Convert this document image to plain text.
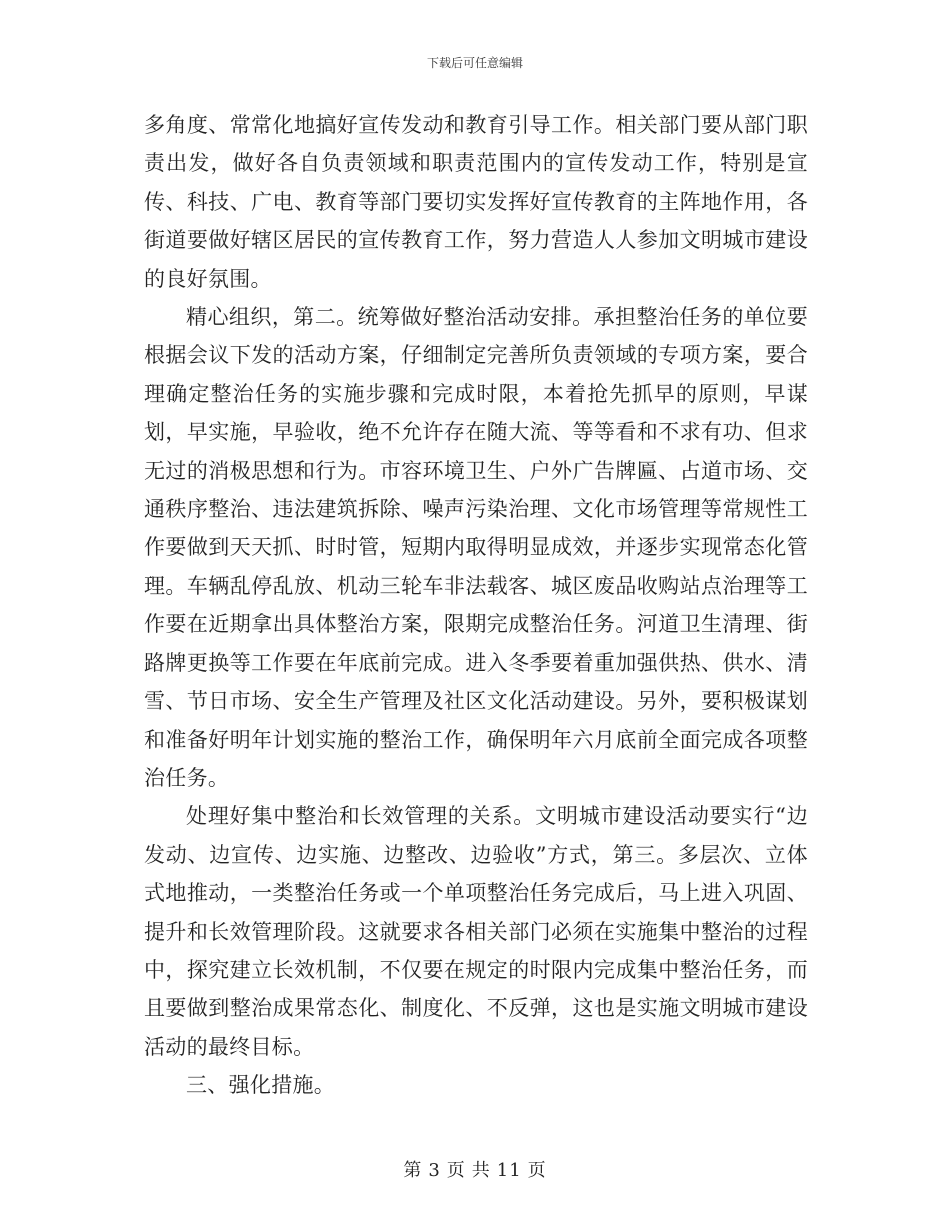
下载后可任意编辑

多角度、常常化地搞好宣传发动和教育引导工作。相关部门要从部门职责出发，做好各自负责领域和职责范围内的宣传发动工作，特别是宣传、科技、广电、教育等部门要切实发挥好宣传教育的主阵地作用，各街道要做好辖区居民的宣传教育工作，努力营造人人参加文明城市建设的良好氛围。

精心组织，第二。统筹做好整治活动安排。承担整治任务的单位要根据会议下发的活动方案，仔细制定完善所负责领域的专项方案，要合理确定整治任务的实施步骤和完成时限，本着抢先抓早的原则，早谋划，早实施，早验收，绝不允许存在随大流、等等看和不求有功、但求无过的消极思想和行为。市容环境卫生、户外广告牌匾、占道市场、交通秩序整治、违法建筑拆除、噪声污染治理、文化市场管理等常规性工作要做到天天抓、时时管，短期内取得明显成效，并逐步实现常态化管理。车辆乱停乱放、机动三轮车非法载客、城区废品收购站点治理等工作要在近期拿出具体整治方案，限期完成整治任务。河道卫生清理、街路牌更换等工作要在年底前完成。进入冬季要着重加强供热、供水、清雪、节日市场、安全生产管理及社区文化活动建设。另外，要积极谋划和准备好明年计划实施的整治工作，确保明年六月底前全面完成各项整治任务。

处理好集中整治和长效管理的关系。文明城市建设活动要实行“边发动、边宣传、边实施、边整改、边验收”方式，第三。多层次、立体式地推动，一类整治任务或一个单项整治任务完成后，马上进入巩固、提升和长效管理阶段。这就要求各相关部门必须在实施集中整治的过程中，探究建立长效机制，不仅要在规定的时限内完成集中整治任务，而且要做到整治成果常态化、制度化、不反弹，这也是实施文明城市建设活动的最终目标。

三、强化措施。

第 3 页 共 11 页
